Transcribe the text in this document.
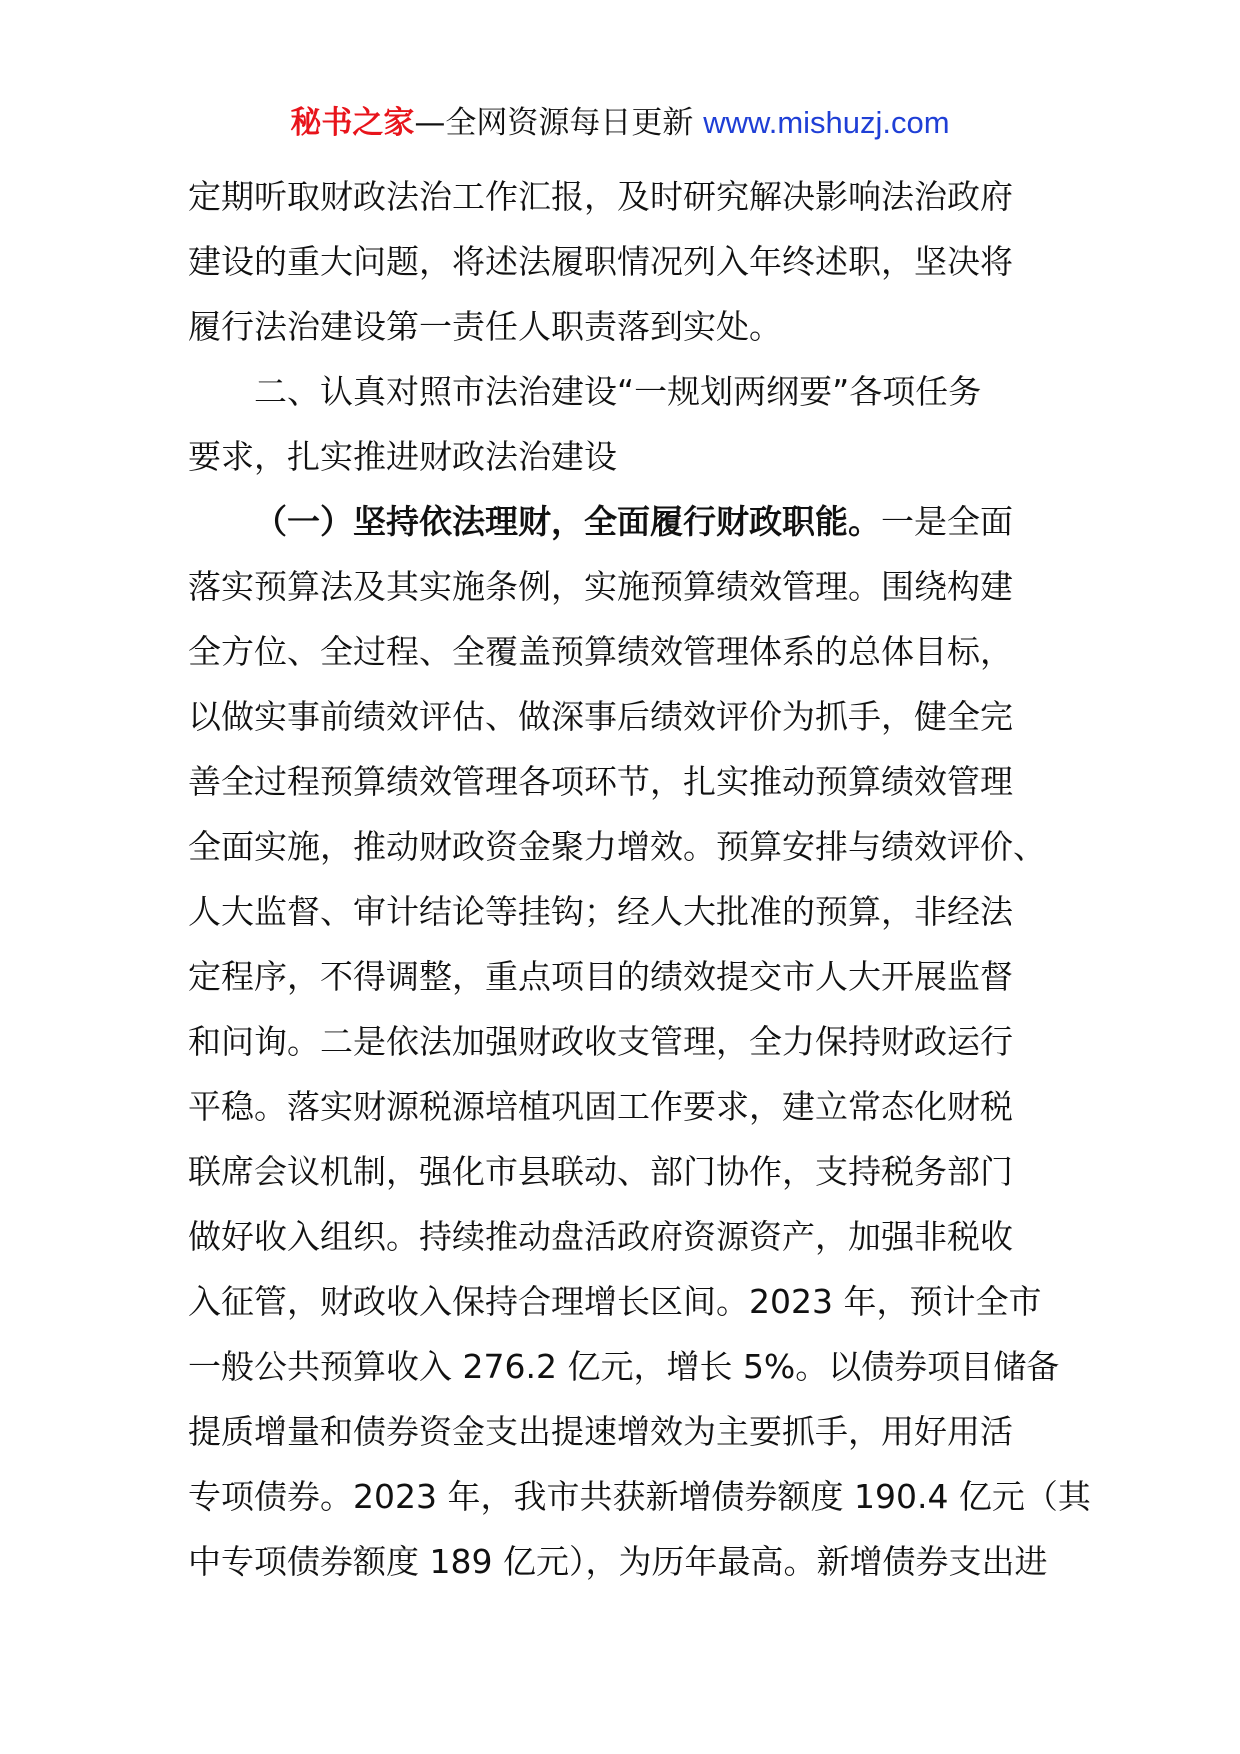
秘书之家—全网资源每日更新 www.mishuzj.com
定期听取财政法治工作汇报，及时研究解决影响法治政府
建设的重大问题，将述法履职情况列入年终述职，坚决将
履行法治建设第一责任人职责落到实处。
二、认真对照市法治建设“一规划两纲要”各项任务
要求，扎实推进财政法治建设
（一）坚持依法理财，全面履行财政职能。一是全面
落实预算法及其实施条例，实施预算绩效管理。围绕构建
全方位、全过程、全覆盖预算绩效管理体系的总体目标，
以做实事前绩效评估、做深事后绩效评价为抓手，健全完
善全过程预算绩效管理各项环节，扎实推动预算绩效管理
全面实施，推动财政资金聚力增效。预算安排与绩效评价、
人大监督、审计结论等挂钩；经人大批准的预算，非经法
定程序，不得调整，重点项目的绩效提交市人大开展监督
和问询。二是依法加强财政收支管理，全力保持财政运行
平稳。落实财源税源培植巩固工作要求，建立常态化财税
联席会议机制，强化市县联动、部门协作，支持税务部门
做好收入组织。持续推动盘活政府资源资产，加强非税收
入征管，财政收入保持合理增长区间。2023 年，预计全市
一般公共预算收入 276.2 亿元，增长 5%。以债券项目储备
提质增量和债券资金支出提速增效为主要抓手，用好用活
专项债券。2023 年，我市共获新增债券额度 190.4 亿元（其
中专项债券额度 189 亿元），为历年最高。新增债券支出进
